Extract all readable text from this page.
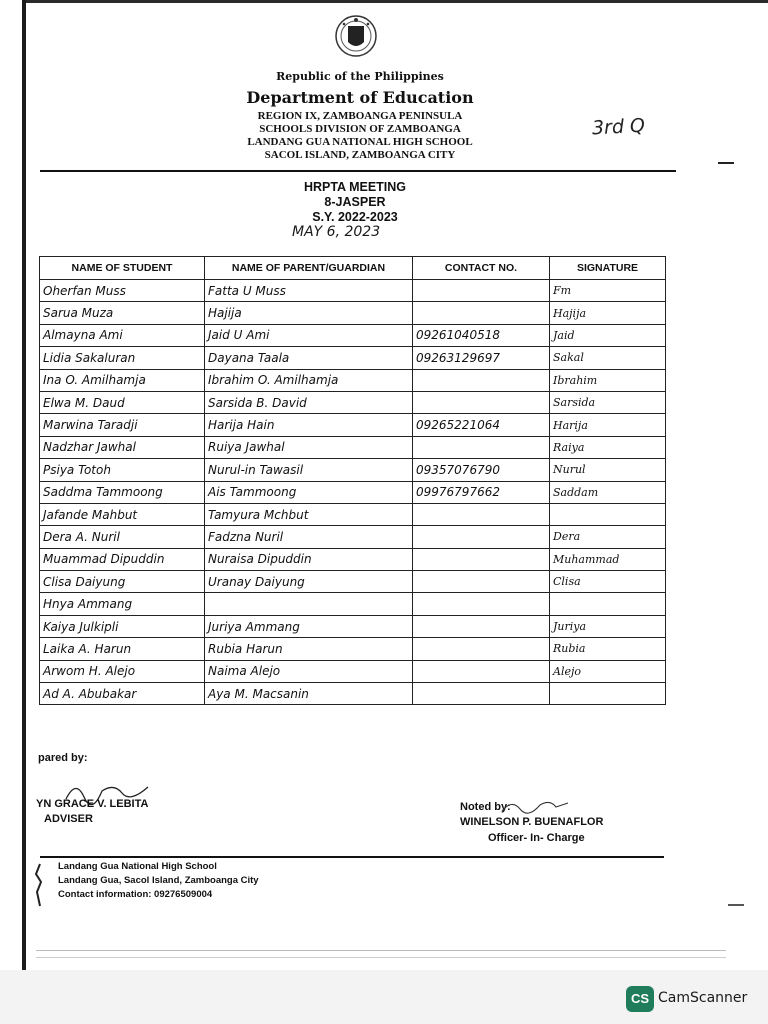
Republic of the Philippines
Department of Education
REGION IX, ZAMBOANGA PENINSULA
SCHOOLS DIVISION OF ZAMBOANGA
LANDANG GUA NATIONAL HIGH SCHOOL
SACOL ISLAND, ZAMBOANGA CITY
3rd Q
HRPTA MEETING
8-JASPER
S.Y. 2022-2023
MAY 6, 2023
NAME OF STUDENT	NAME OF PARENT/GUARDIAN	CONTACT NO.	SIGNATURE
Oherfan Muss	Fatta U Muss		Fm
Sarua Muza	Hajija		Hajija
Almayna Ami	Jaid U Ami	09261040518	Jaid
Lidia Sakaluran	Dayana Taala	09263129697	Sakal
Ina O. Amilhamja	Ibrahim O. Amilhamja		Ibrahim
Elwa M. Daud	Sarsida B. David		Sarsida
Marwina Taradji	Harija Hain	09265221064	Harija
Nadzhar Jawhal	Ruiya Jawhal		Raiya
Psiya Totoh	Nurul-in Tawasil	09357076790	Nurul
Saddma Tammoong	Ais Tammoong	09976797662	Saddam
Jafande Mahbut	Tamyura Mchbut		
Dera A. Nuril	Fadzna Nuril		Dera
Muammad Dipuddin	Nuraisa Dipuddin		Muhammad
Clisa Daiyung	Uranay Daiyung		Clisa
Hnya Ammang			
Kaiya Julkipli	Juriya Ammang		Juriya
Laika A. Harun	Rubia Harun		Rubia
Arwom H. Alejo	Naima Alejo		Alejo
Ad A. Abubakar	Aya M. Macsanin		
pared by:
YN GRACE V. LEBITA
ADVISER
Noted by:
WINELSON P. BUENAFLOR
Officer- In- Charge
Landang Gua National High School
Landang Gua, Sacol Island, Zamboanga City
Contact information: 09276509004
CS CamScanner
